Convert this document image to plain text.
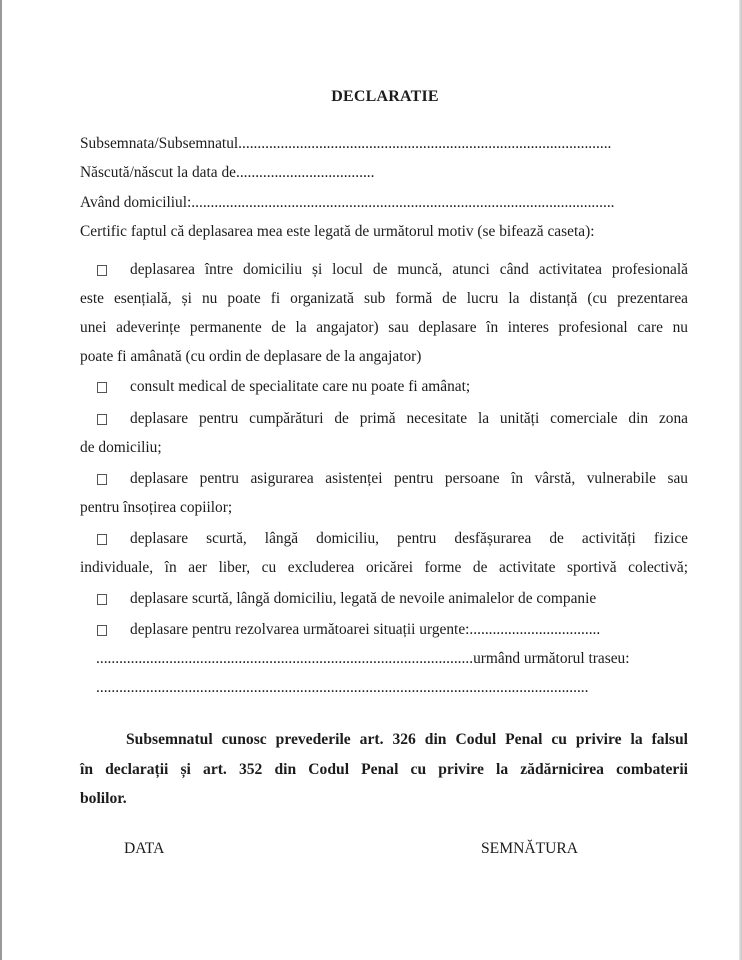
DECLARATIE
Subsemnata/Subsemnatul.................................................................................................
Născută/născut la data de....................................
Având domiciliul:..............................................................................................................
Certific faptul că deplasarea mea este legată de următorul motiv (se bifează caseta):
deplasarea între domiciliu și locul de muncă, atunci când activitatea profesională
este esențială, și nu poate fi organizată sub formă de lucru la distanță (cu prezentarea
unei adeverințe permanente de la angajator) sau deplasare în interes profesional care nu
poate fi amânată (cu ordin de deplasare de la angajator)
consult medical de specialitate care nu poate fi amânat;
deplasare pentru cumpărături de primă necesitate la unități comerciale din zona
de domiciliu;
deplasare pentru asigurarea asistenței pentru persoane în vârstă, vulnerabile sau
pentru însoțirea copiilor;
deplasare scurtă, lângă domiciliu, pentru desfășurarea de activități fizice
individuale, în aer liber, cu excluderea oricărei forme de activitate sportivă colectivă;
deplasare scurtă, lângă domiciliu, legată de nevoile animalelor de companie
deplasare pentru rezolvarea următoarei situații urgente:..................................
..................................................................................................urmând următorul traseu:
................................................................................................................................
Subsemnatul cunosc prevederile art. 326 din Codul Penal cu privire la falsul
în declarații și art. 352 din Codul Penal cu privire la zădărnicirea combaterii
bolilor.
DATA	SEMNĂTURA
